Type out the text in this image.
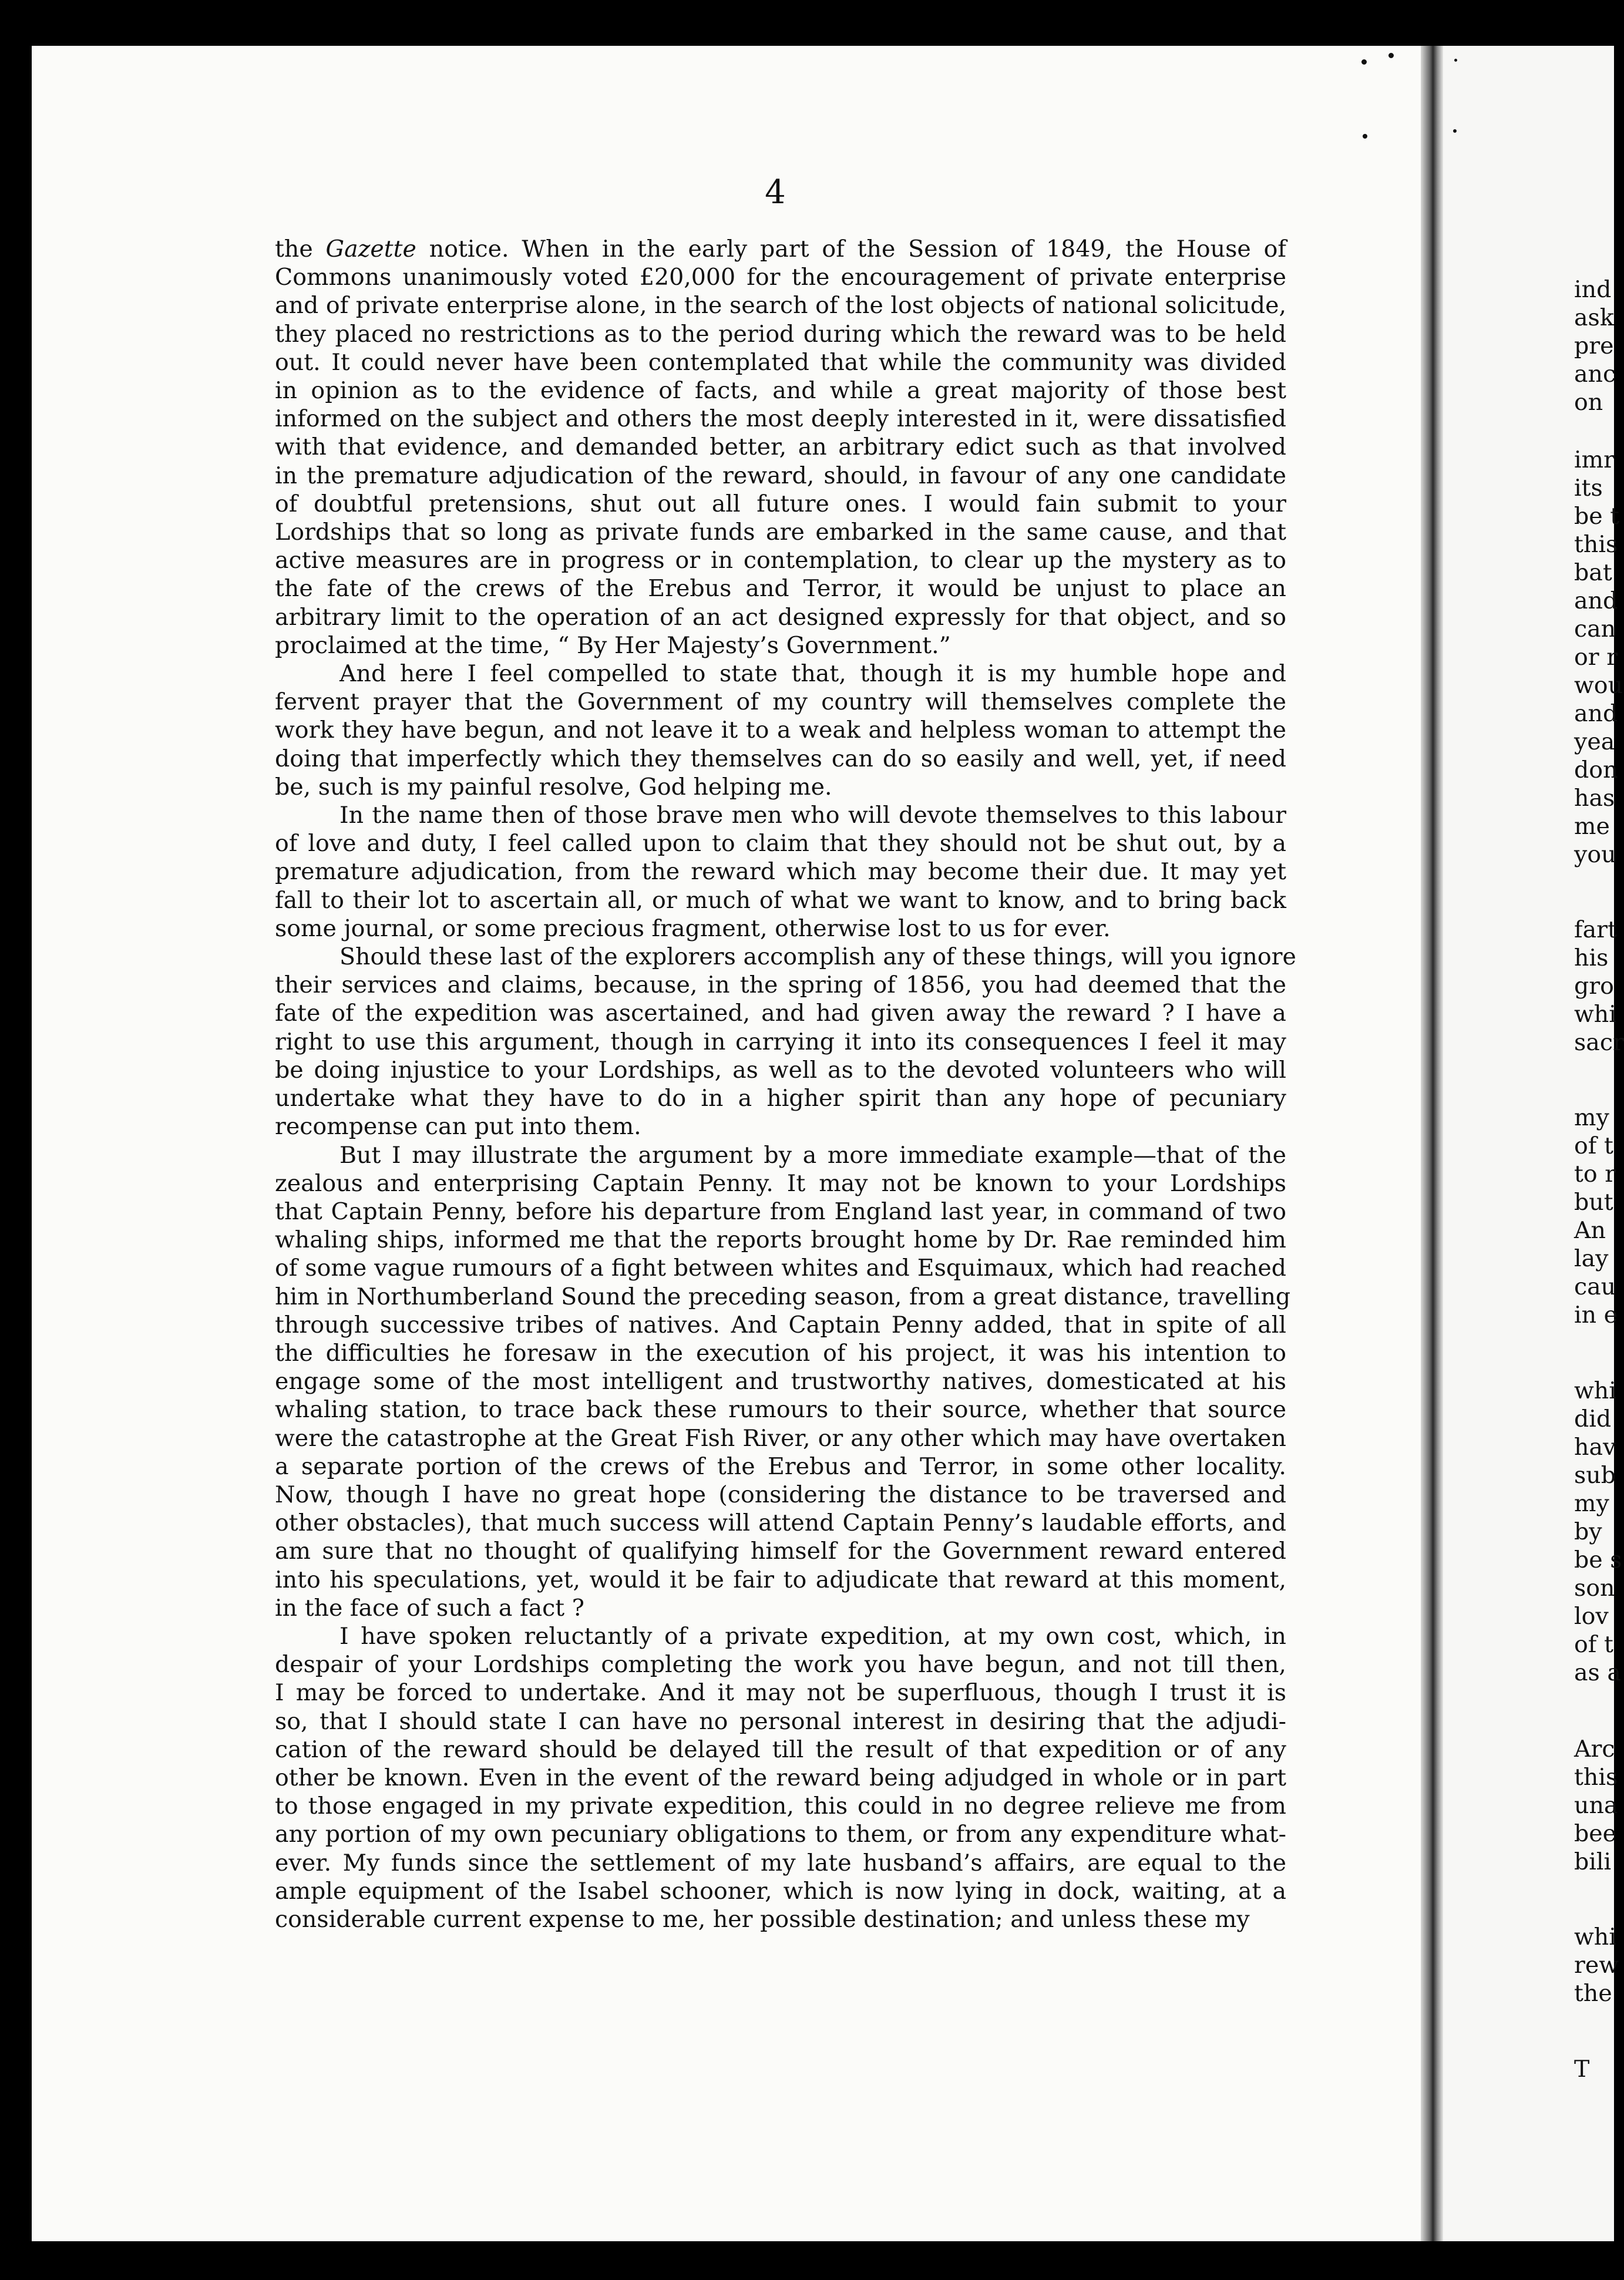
4
the Gazette notice. When in the early part of the Session of 1849, the House of
Commons unanimously voted £20,000 for the encouragement of private enterprise
and of private enterprise alone, in the search of the lost objects of national solicitude,
they placed no restrictions as to the period during which the reward was to be held
out. It could never have been contemplated that while the community was divided
in opinion as to the evidence of facts, and while a great majority of those best
informed on the subject and others the most deeply interested in it, were dissatisfied
with that evidence, and demanded better, an arbitrary edict such as that involved
in the premature adjudication of the reward, should, in favour of any one candidate
of doubtful pretensions, shut out all future ones. I would fain submit to your
Lordships that so long as private funds are embarked in the same cause, and that
active measures are in progress or in contemplation, to clear up the mystery as to
the fate of the crews of the Erebus and Terror, it would be unjust to place an
arbitrary limit to the operation of an act designed expressly for that object, and so
proclaimed at the time, “ By Her Majesty’s Government.”
And here I feel compelled to state that, though it is my humble hope and
fervent prayer that the Government of my country will themselves complete the
work they have begun, and not leave it to a weak and helpless woman to attempt the
doing that imperfectly which they themselves can do so easily and well, yet, if need
be, such is my painful resolve, God helping me.
In the name then of those brave men who will devote themselves to this labour
of love and duty, I feel called upon to claim that they should not be shut out, by a
premature adjudication, from the reward which may become their due. It may yet
fall to their lot to ascertain all, or much of what we want to know, and to bring back
some journal, or some precious fragment, otherwise lost to us for ever.
Should these last of the explorers accomplish any of these things, will you ignore
their services and claims, because, in the spring of 1856, you had deemed that the
fate of the expedition was ascertained, and had given away the reward ? I have a
right to use this argument, though in carrying it into its consequences I feel it may
be doing injustice to your Lordships, as well as to the devoted volunteers who will
undertake what they have to do in a higher spirit than any hope of pecuniary
recompense can put into them.
But I may illustrate the argument by a more immediate example—that of the
zealous and enterprising Captain Penny. It may not be known to your Lordships
that Captain Penny, before his departure from England last year, in command of two
whaling ships, informed me that the reports brought home by Dr. Rae reminded him
of some vague rumours of a fight between whites and Esquimaux, which had reached
him in Northumberland Sound the preceding season, from a great distance, travelling
through successive tribes of natives. And Captain Penny added, that in spite of all
the difficulties he foresaw in the execution of his project, it was his intention to
engage some of the most intelligent and trustworthy natives, domesticated at his
whaling station, to trace back these rumours to their source, whether that source
were the catastrophe at the Great Fish River, or any other which may have overtaken
a separate portion of the crews of the Erebus and Terror, in some other locality.
Now, though I have no great hope (considering the distance to be traversed and
other obstacles), that much success will attend Captain Penny’s laudable efforts, and
am sure that no thought of qualifying himself for the Government reward entered
into his speculations, yet, would it be fair to adjudicate that reward at this moment,
in the face of such a fact ?
I have spoken reluctantly of a private expedition, at my own cost, which, in
despair of your Lordships completing the work you have begun, and not till then,
I may be forced to undertake. And it may not be superfluous, though I trust it is
so, that I should state I can have no personal interest in desiring that the adjudi-
cation of the reward should be delayed till the result of that expedition or of any
other be known. Even in the event of the reward being adjudged in whole or in part
to those engaged in my private expedition, this could in no degree relieve me from
any portion of my own pecuniary obligations to them, or from any expenditure what-
ever. My funds since the settlement of my late husband’s affairs, are equal to the
ample equipment of the Isabel schooner, which is now lying in dock, waiting, at a
considerable current expense to me, her possible destination; and unless these my
ind
ask
pre
anc
on
imr
its
be t
this
bat
and
can
or r
wou
and
yea
don
has
me
you
fart
his
gro
whi
sacr
my
of t
to r
but
An
lay
cau
in e
whi
did
hav
sub
my
by
be s
son
lov
of t
as a
Arc
this
una
bee
bili
whi
rew
the
T
